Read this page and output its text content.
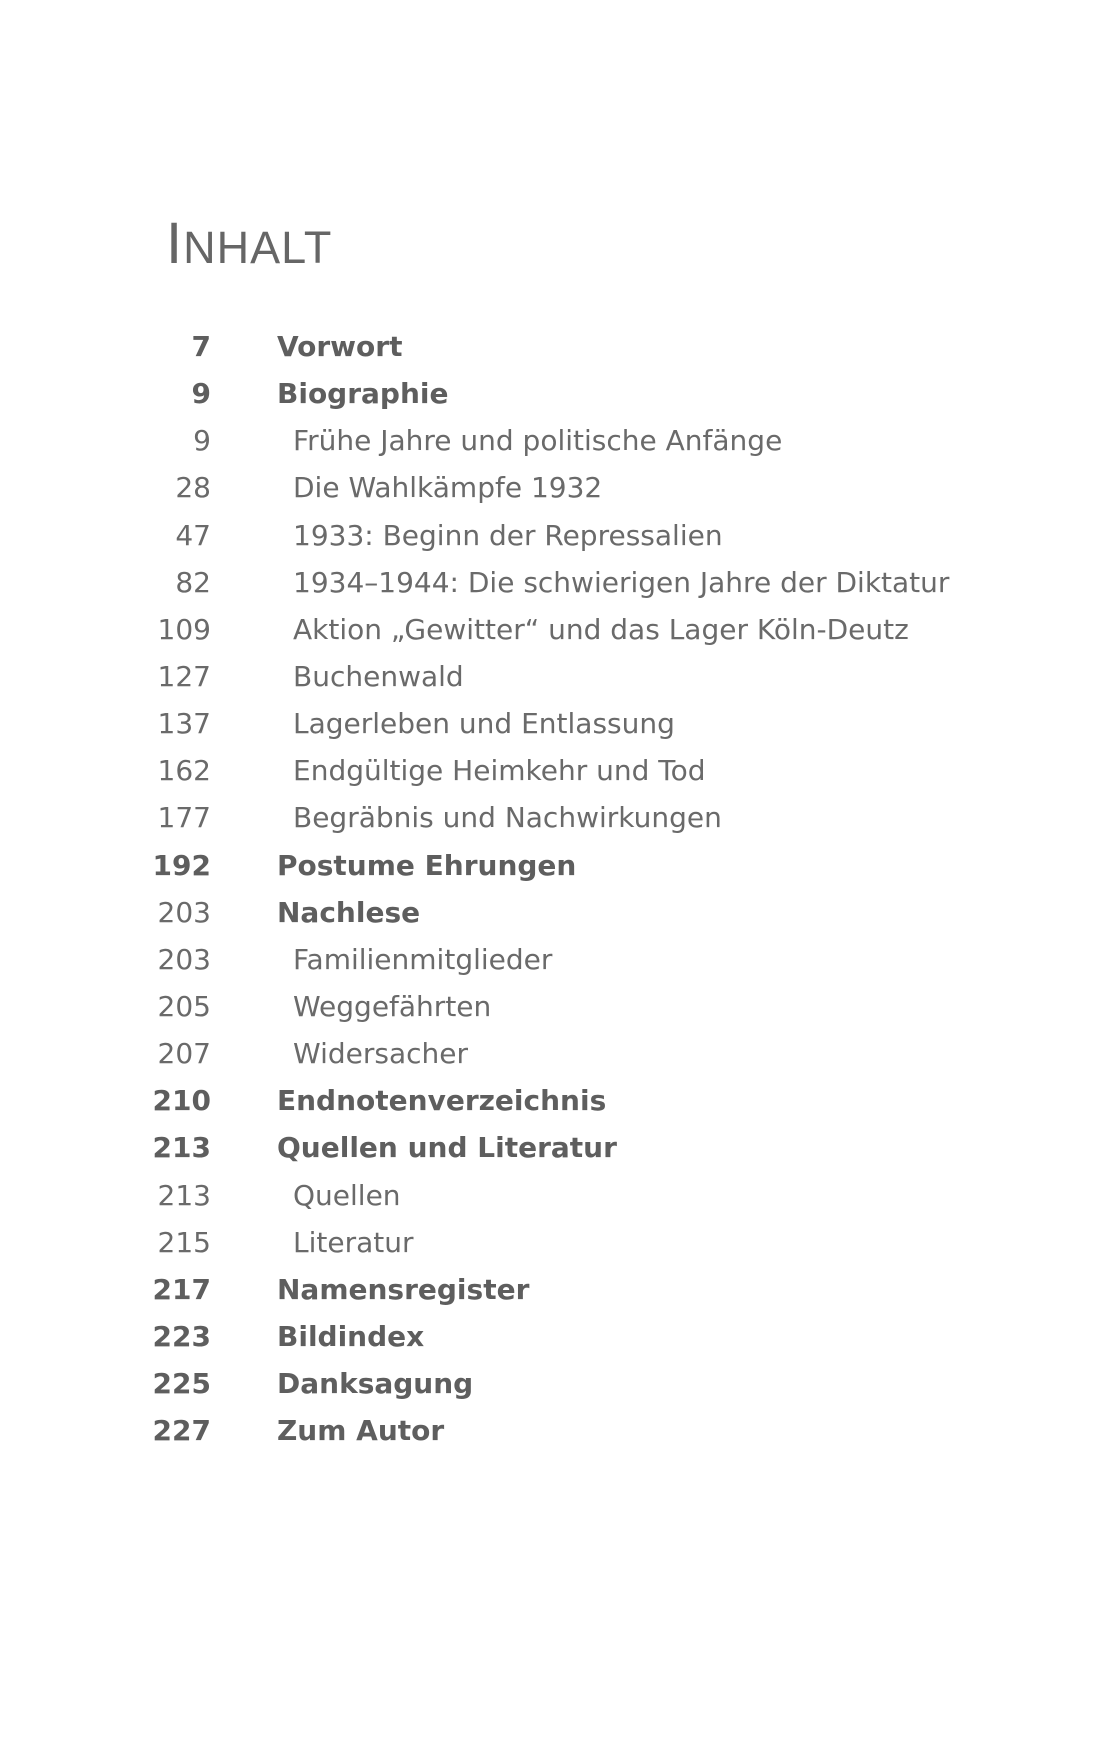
INHALT
7 Vorwort
9 Biographie
9	Frühe Jahre und politische Anfänge
28	Die Wahlkämpfe 1932
47	1933: Beginn der Repressalien
82	1934–1944: Die schwierigen Jahre der Diktatur
109	Aktion „Gewitter“ und das Lager Köln-Deutz
127	Buchenwald
137	Lagerleben und Entlassung
162	Endgültige Heimkehr und Tod
177	Begräbnis und Nachwirkungen
192 Postume Ehrungen
203 Nachlese
203	Familienmitglieder
205	Weggefährten
207	Widersacher
210 Endnotenverzeichnis
213 Quellen und Literatur
213	Quellen
215	Literatur
217 Namensregister
223 Bildindex
225 Danksagung
227 Zum Autor
